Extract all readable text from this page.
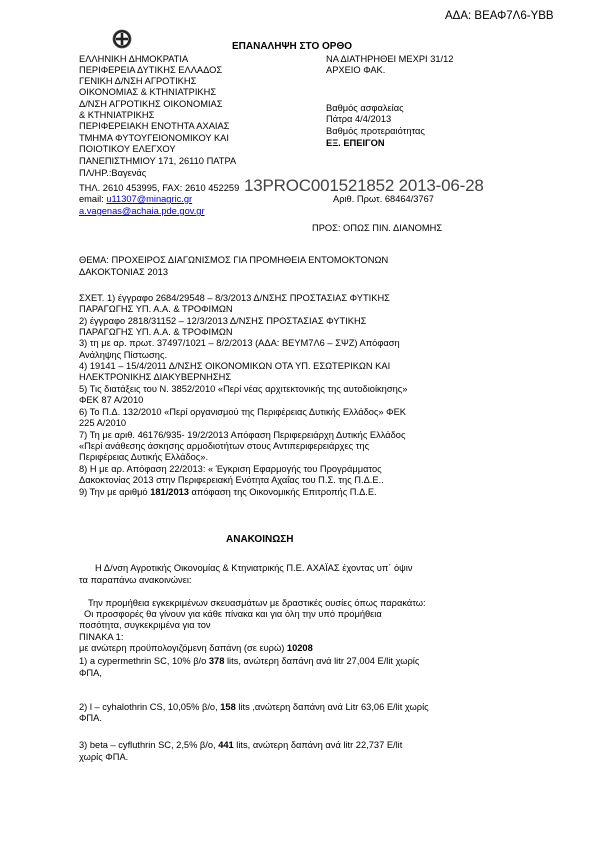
ΑΔΑ: ΒΕΑΦ7Λ6-ΥΒΒ
ΕΠΑΝΑΛΗΨΗ ΣΤΟ ΟΡΘΟ
ΕΛΛΗΝΙΚΗ ΔΗΜΟΚΡΑΤΙΑ
ΠΕΡΙΦΕΡΕΙΑ ΔΥΤΙΚΗΣ ΕΛΛΑΔΟΣ
ΓΕΝΙΚΗ Δ/ΝΣΗ ΑΓΡΟΤΙΚΗΣ
ΟΙΚΟΝΟΜΙΑΣ & ΚΤΗΝΙΑΤΡΙΚΗΣ
Δ/ΝΣΗ ΑΓΡΟΤΙΚΗΣ ΟΙΚΟΝΟΜΙΑΣ
& ΚΤΗΝΙΑΤΡΙΚΗΣ
ΠΕΡΙΦΕΡΕΙΑΚΗ ΕΝΟΤΗΤΑ ΑΧΑΙΑΣ
ΤΜΗΜΑ ΦΥΤΟΥΓΕΙΟΝΟΜΙΚΟΥ ΚΑΙ
ΠΟΙΟΤΙΚΟΥ ΕΛΕΓΧΟΥ
ΠΑΝΕΠΙΣΤΗΜΙΟΥ 171, 26110 ΠΑΤΡΑ
ΠΛ/ΗΡ.:Βαγενάς
ΤΗΛ. 2610 453995, FAX: 2610 452259
email: u11307@minagric.gr
a.vagenas@achaia.pde.gov.gr
ΝΑ ΔΙΑΤΗΡΗΘΕΙ ΜΕΧΡΙ 31/12
ΑΡΧΕΙΟ ΦΑΚ.
Βαθμός ασφαλείας
Πάτρα 4/4/2013
Βαθμός προτεραιότητας
ΕΞ. ΕΠΕΙΓΟΝ
Αριθ. Πρωτ. 68464/3767
13PROC001521852 2013-06-28
ΠΡΟΣ: ΟΠΩΣ ΠΙΝ. ΔΙΑΝΟΜΗΣ
ΘΕΜΑ: ΠΡΟΧΕΙΡΟΣ ΔΙΑΓΩΝΙΣΜΟΣ ΓΙΑ ΠΡΟΜΗΘΕΙΑ ΕΝΤΟΜΟΚΤΟΝΩΝ
ΔΑΚΟΚΤΟΝΙΑΣ 2013
ΣΧΕΤ. 1) έγγραφο 2684/29548 – 8/3/2013 Δ/ΝΣΗΣ ΠΡΟΣΤΑΣΙΑΣ ΦΥΤΙΚΗΣ
ΠΑΡΑΓΩΓΗΣ ΥΠ. Α.Α. & ΤΡΟΦΙΜΩΝ
2) έγγραφο 2818/31152 – 12/3/2013 Δ/ΝΣΗΣ ΠΡΟΣΤΑΣΙΑΣ ΦΥΤΙΚΗΣ
ΠΑΡΑΓΩΓΗΣ ΥΠ. Α.Α. & ΤΡΟΦΙΜΩΝ
3) τη με αρ. πρωτ. 37497/1021 – 8/2/2013 (ΑΔΑ: ΒΕΥΜ7Λ6 – ΣΨΖ) Απόφαση
Ανάληψης Πίστωσης.
4) 19141 – 15/4/2011 Δ/ΝΣΗΣ ΟΙΚΟΝΟΜΙΚΩΝ ΟΤΑ ΥΠ. ΕΣΩΤΕΡΙΚΩΝ ΚΑΙ
ΗΛΕΚΤΡΟΝΙΚΗΣ ΔΙΑΚΥΒΕΡΝΗΣΗΣ
5) Τις διατάξεις του Ν. 3852/2010 «Περί νέας αρχιτεκτονικής της αυτοδιοίκησης»
ΦΕΚ 87 Α/2010
6) Το Π.Δ. 132/2010 «Περί οργανισμού της Περιφέρειας Δυτικής Ελλάδος» ΦΕΚ
225 Α/2010
7) Τη με αριθ. 46176/935- 19/2/2013 Απόφαση Περιφερειάρχη Δυτικής Ελλάδος
«Περί ανάθεσης άσκησης αρμοδιοτήτων στους Αντιπεριφερειάρχες της
Περιφέρειας Δυτικής Ελλάδος».
8) Η με αρ. Απόφαση 22/2013: « Έγκριση Εφαρμογής του Προγράμματος
Δακοκτονίας 2013 στην Περιφερειακή Ενότητα Αχαΐας του Π.Σ. της Π.Δ.Ε..
9) Την με αριθμό 181/2013 απόφαση της Οικονομικής Επιτροπής Π.Δ.Ε.
ΑΝΑΚΟΙΝΩΣΗ
Η Δ/νση Αγροτικής Οικονομίας & Κτηνιατρικής Π.Ε. ΑΧΑΪΑΣ έχοντας υπ΄ όψιν
τα παραπάνω ανακοινώνει:
Την προμήθεια εγκεκριμένων σκευασμάτων με δραστικές ουσίες όπως παρακάτω:
Οι προσφορές θα γίνουν για κάθε πίνακα και για όλη την υπό προμήθεια
ποσότητα, συγκεκριμένα για τον
ΠΙΝΑΚΑ 1:
με ανώτερη προϋπολογιζόμενη δαπάνη (σε ευρώ) 10208
1) a cypermethrin SC, 10% β/ο 378 lits, ανώτερη δαπάνη ανά litr 27,004 Ε/lit χωρίς
ΦΠΑ,
2) l – cyhalothrin CS, 10,05% β/ο, 158 lits ,ανώτερη δαπάνη ανά Litr 63,06 Ε/lit χωρίς
ΦΠΑ.
3) beta – cyfluthrin SC, 2,5% β/ο, 441 lits, ανώτερη δαπάνη ανά litr 22,737 Ε/lit
χωρίς ΦΠΑ.
